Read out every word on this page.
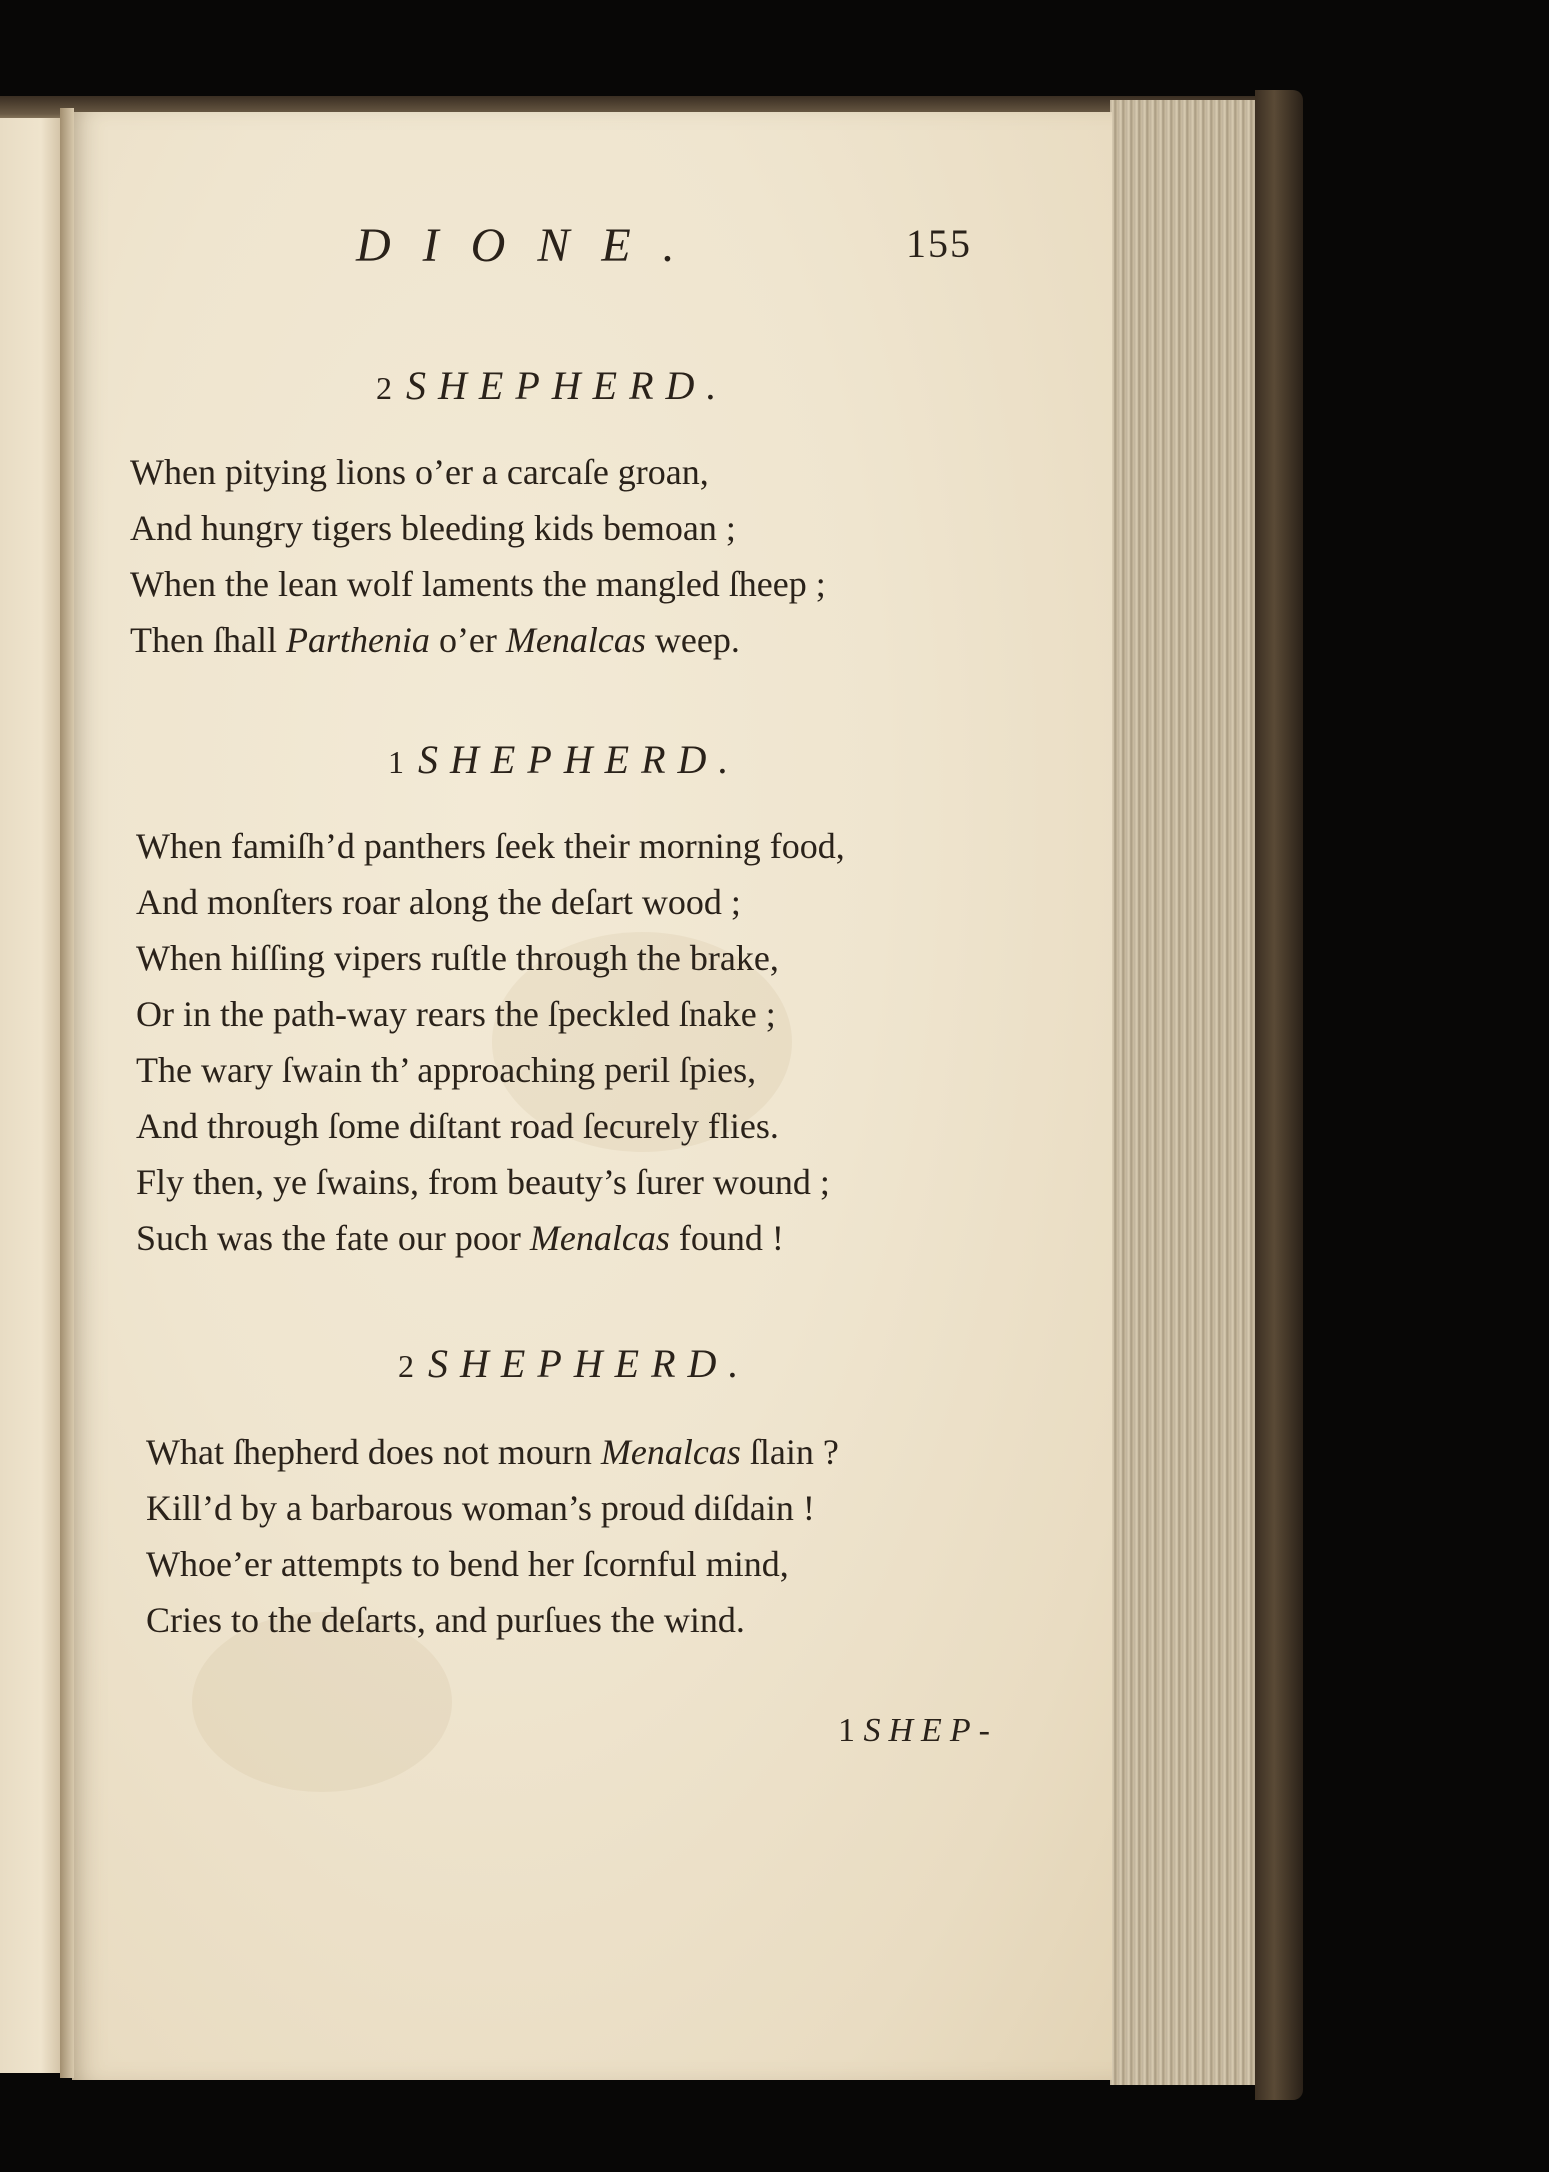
DIONE.	155
2 SHEPHERD.
When pitying lions o’er a carcaſe groan,
And hungry tigers bleeding kids bemoan ;
When the lean wolf laments the mangled ſheep ;
Then ſhall Parthenia o’er Menalcas weep.
1 SHEPHERD.
When famiſh’d panthers ſeek their morning food,
And monſters roar along the deſart wood ;
When hiſſing vipers ruſtle through the brake,
Or in the path-way rears the ſpeckled ſnake ;
The wary ſwain th’ approaching peril ſpies,
And through ſome diſtant road ſecurely flies.
Fly then, ye ſwains, from beauty’s ſurer wound ;
Such was the fate our poor Menalcas found !
2 SHEPHERD.
What ſhepherd does not mourn Menalcas ſlain ?
Kill’d by a barbarous woman’s proud diſdain !
Whoe’er attempts to bend her ſcornful mind,
Cries to the deſarts, and purſues the wind.
1 SHEP-
